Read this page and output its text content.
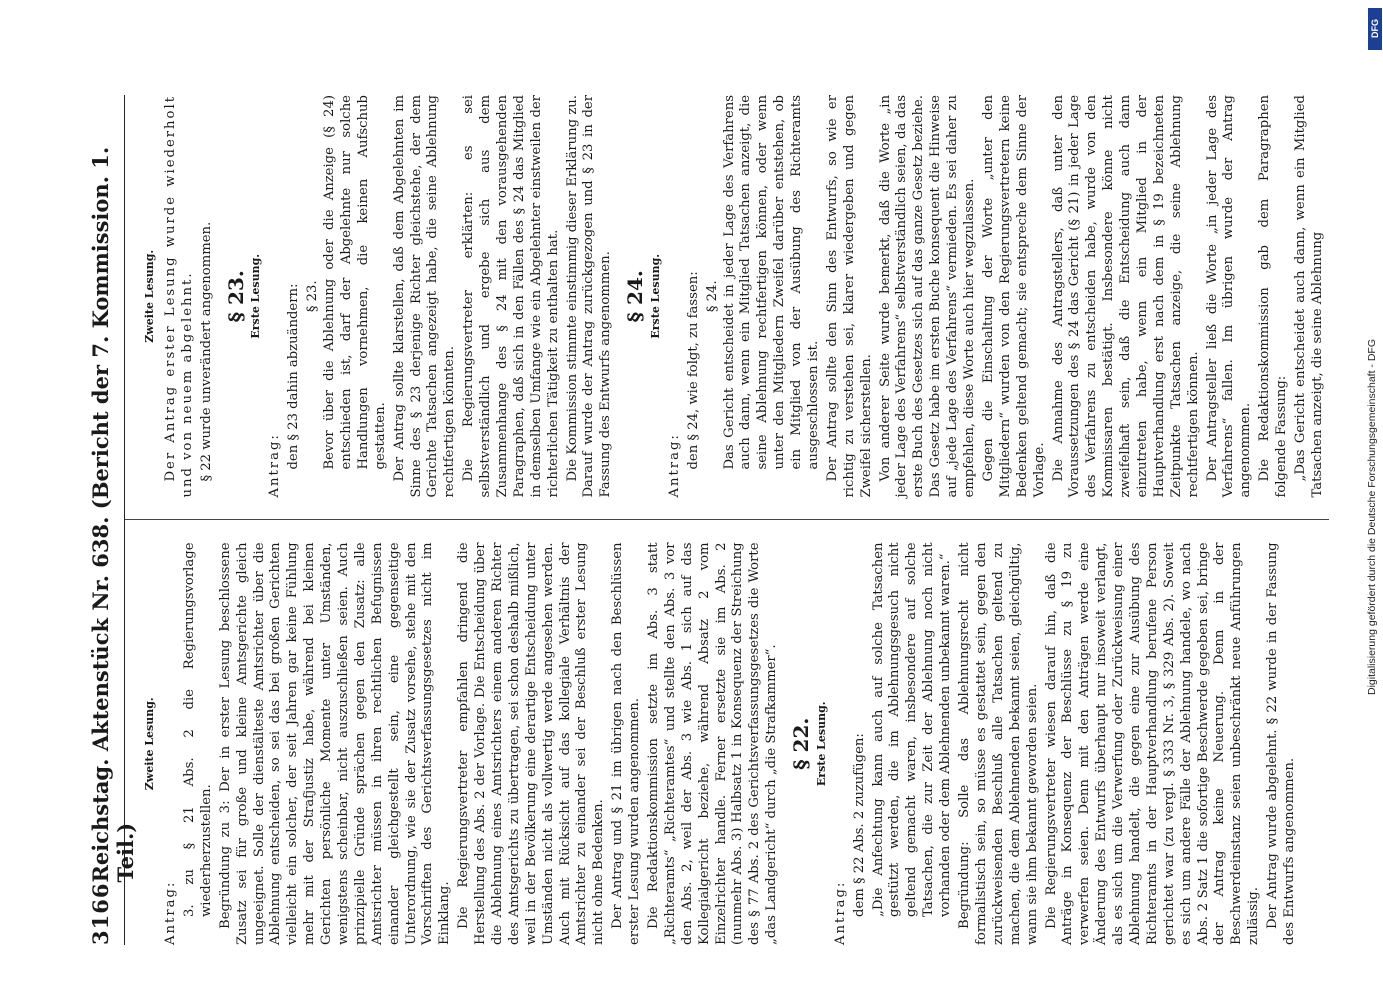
3166
Reichstag. Aktenstück Nr. 638. (Bericht der 7. Kommission. 1. Teil.)
Zweite Lesung.

Antrag: 3. zu § 21 Abs. 2 die Regierungsvorlage wiederherzustellen. Begründung zu 3: Der in erster Lesung beschlossene Zusatz sei für große und kleine Amtsgerichte gleich ungeeignet. Solle der dienstälteste Amtsrichter über die Ablehnung entscheiden, so sei das bei großen Gerichten vielleicht ein solcher, der seit Jahren gar keine Fühlung mehr mit der Strafjustiz habe, während bei kleinen Gerichten persönliche Momente unter Umständen, wenigstens scheinbar, nicht auszuschließen seien. Auch prinzipielle Gründe sprächen gegen den Zusatz: alle Amtsrichter müssen in ihren rechtlichen Befugnissen einander gleichgestellt sein, eine gegenseitige Unterordnung, wie sie der Zusatz vorsehe, stehe mit den Vorschriften des Gerichtsverfassungsgesetzes nicht im Einklang. Die Regierungsvertreter empfahlen dringend die Herstellung des Abs. 2 der Vorlage. Die Entscheidung über die Ablehnung eines Amtsrichters einem anderen Richter des Amtsgerichts zu übertragen, sei schon deshalb mißlich, weil in der Bevölkerung eine derartige Entscheidung unter Umständen nicht als vollwertig werde angesehen werden. Auch mit Rücksicht auf das kollegiale Verhältnis der Amtsrichter zu einander sei der Beschluß erster Lesung nicht ohne Bedenken. Der Antrag und § 21 im übrigen nach den Beschlüssen erster Lesung wurden angenommen. Die Redaktionskommission setzte im Abs. 3 statt „Richteramts“ „Richteramtes“ und stellte den Abs. 3 vor den Abs. 2, weil der Abs. 3 wie Abs. 1 sich auf das Kollegialgericht beziehe, während Absatz 2 vom Einzelrichter handle. Ferner ersetzte sie im Abs. 2 (nunmehr Abs. 3) Halbsatz 1 in Konsequenz der Streichung des § 77 Abs. 2 des Gerichtsverfassungsgesetzes die Worte „das Landgericht“ durch „die Strafkammer“. § 22. Erste Lesung.

Antrag: dem § 22 Abs. 2 zuzufügen: „Die Anfechtung kann auch auf solche Tatsachen gestützt werden, die im Ablehnungsgesuch nicht geltend gemacht waren, insbesondere auf solche Tatsachen, die zur Zeit der Ablehnung noch nicht vorhanden oder dem Ablehnenden unbekannt waren.“ Begründung: Solle das Ablehnungsrecht nicht formalistisch sein, so müsse es gestattet sein, gegen den zurückweisenden Beschluß alle Tatsachen geltend zu machen, die dem Ablehnenden bekannt seien, gleichgültig, wann sie ihm bekannt geworden seien. Die Regierungsvertreter wiesen darauf hin, daß die Anträge in Konsequenz der Beschlüsse zu § 19 zu verwerfen seien. Denn mit den Anträgen werde eine Änderung des Entwurfs überhaupt nur insoweit verlangt, als es sich um die Verwerfung oder Zurückweisung einer Ablehnung handelt, die gegen eine zur Ausübung des Richteramts in der Hauptverhandlung berufene Person gerichtet war (zu vergl. § 333 Nr. 3, § 329 Abs. 2). Soweit es sich um andere Fälle der Ablehnung handele, wo nach Abs. 2 Satz 1 die sofortige Beschwerde gegeben sei, bringe der Antrag keine Neuerung. Denn in der Beschwerdeinstanz seien unbeschränkt neue Anführungen zulässig. Der Antrag wurde abgelehnt. § 22 wurde in der Fassung des Entwurfs angenommen.

Zweite Lesung. Der Antrag erster Lesung wurde wiederholt und von neuem abgelehnt. § 22 wurde unverändert angenommen. § 23. Erste Lesung.

Antrag: den § 23 dahin abzuändern: § 23. Bevor über die Ablehnung oder die Anzeige (§ 24) entschieden ist, darf der Abgelehnte nur solche Handlungen vornehmen, die keinen Aufschub gestatten. Der Antrag sollte klarstellen, daß dem Abgelehnten im Sinne des § 23 derjenige Richter gleichstehe, der dem Gerichte Tatsachen angezeigt habe, die seine Ablehnung rechtfertigen könnten. Die Regierungsvertreter erklärten: es sei selbstverständlich und ergebe sich aus dem Zusammenhange des § 24 mit den vorausgehenden Paragraphen, daß sich in den Fällen des § 24 das Mitglied in demselben Umfange wie ein Abgelehnter einstweilen der richterlichen Tätigkeit zu enthalten hat. Die Kommission stimmte einstimmig dieser Erklärung zu. Darauf wurde der Antrag zurückgezogen und § 23 in der Fassung des Entwurfs angenommen. § 24. Erste Lesung.

Antrag: den § 24, wie folgt, zu fassen: § 24. Das Gericht entscheidet in jeder Lage des Verfahrens auch dann, wenn ein Mitglied Tatsachen anzeigt, die seine Ablehnung rechtfertigen können, oder wenn unter den Mitgliedern Zweifel darüber entstehen, ob ein Mitglied von der Ausübung des Richteramts ausgeschlossen ist. Der Antrag sollte den Sinn des Entwurfs, so wie er richtig zu verstehen sei, klarer wiedergeben und gegen Zweifel sicherstellen. Von anderer Seite wurde bemerkt, daß die Worte „in jeder Lage des Verfahrens“ selbstverständlich seien, da das erste Buch des Gesetzes sich auf das ganze Gesetz beziehe. Das Gesetz habe im ersten Buche konsequent die Hinweise auf „jede Lage des Verfahrens“ vermieden. Es sei daher zu empfehlen, diese Worte auch hier wegzulassen. Gegen die Einschaltung der Worte „unter den Mitgliedern“ wurden von den Regierungsvertretern keine Bedenken geltend gemacht; sie entspreche dem Sinne der Vorlage. Die Annahme des Antragstellers, daß unter den Voraussetzungen des § 24 das Gericht (§ 21) in jeder Lage des Verfahrens zu entscheiden habe, wurde von den Kommissaren bestätigt. Insbesondere könne nicht zweifelhaft sein, daß die Entscheidung auch dann einzutreten habe, wenn ein Mitglied in der Hauptverhandlung erst nach dem in § 19 bezeichneten Zeitpunkte Tatsachen anzeige, die seine Ablehnung rechtfertigen können. Der Antragsteller ließ die Worte „in jeder Lage des Verfahrens“ fallen. Im übrigen wurde der Antrag angenommen. Die Redaktionskommission gab dem Paragraphen folgende Fassung: „Das Gericht entscheidet auch dann, wenn ein Mitglied Tatsachen anzeigt, die seine Ablehnung

DFG
Digitalisierung gefördert durch die Deutsche Forschungsgemeinschaft - DFG
